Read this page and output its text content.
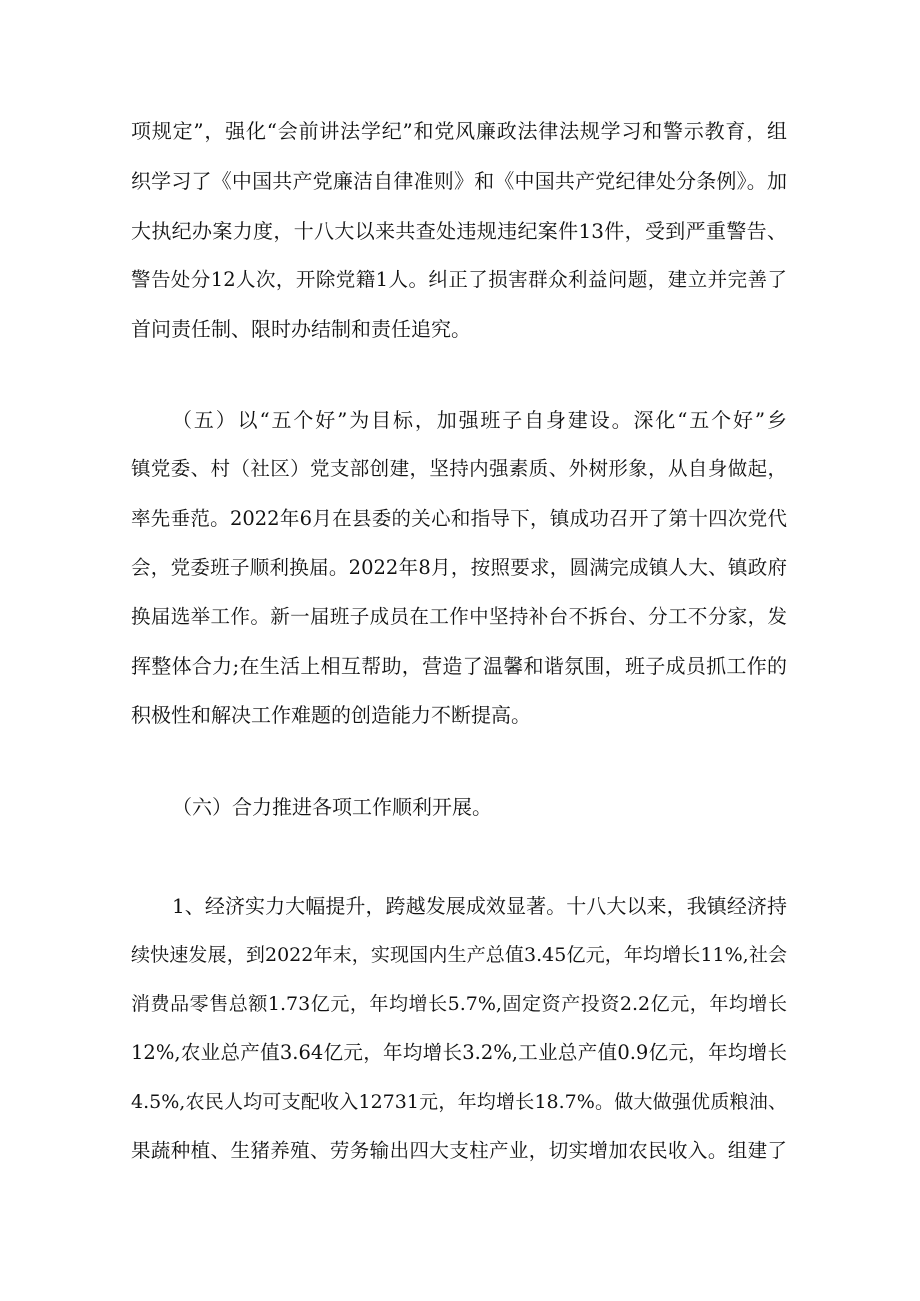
项规定”，强化“会前讲法学纪”和党风廉政法律法规学习和警示教育，组
织学习了《中国共产党廉洁自律准则》和《中国共产党纪律处分条例》。加
大执纪办案力度，十八大以来共查处违规违纪案件13件，受到严重警告、
警告处分12人次，开除党籍1人。纠正了损害群众利益问题，建立并完善了
首问责任制、限时办结制和责任追究。
（五）以“五个好”为目标，加强班子自身建设。深化“五个好”乡
镇党委、村（社区）党支部创建，坚持内强素质、外树形象，从自身做起，
率先垂范。2022年6月在县委的关心和指导下，镇成功召开了第十四次党代
会，党委班子顺利换届。2022年8月，按照要求，圆满完成镇人大、镇政府
换届选举工作。新一届班子成员在工作中坚持补台不拆台、分工不分家，发
挥整体合力;在生活上相互帮助，营造了温馨和谐氛围，班子成员抓工作的
积极性和解决工作难题的创造能力不断提高。
（六）合力推进各项工作顺利开展。
1、经济实力大幅提升，跨越发展成效显著。十八大以来，我镇经济持
续快速发展，到2022年末，实现国内生产总值3.45亿元，年均增长11%,社会
消费品零售总额1.73亿元，年均增长5.7%,固定资产投资2.2亿元，年均增长
12%,农业总产值3.64亿元，年均增长3.2%,工业总产值0.9亿元，年均增长
4.5%,农民人均可支配收入12731元，年均增长18.7%。做大做强优质粮油、
果蔬种植、生猪养殖、劳务输出四大支柱产业，切实增加农民收入。组建了
